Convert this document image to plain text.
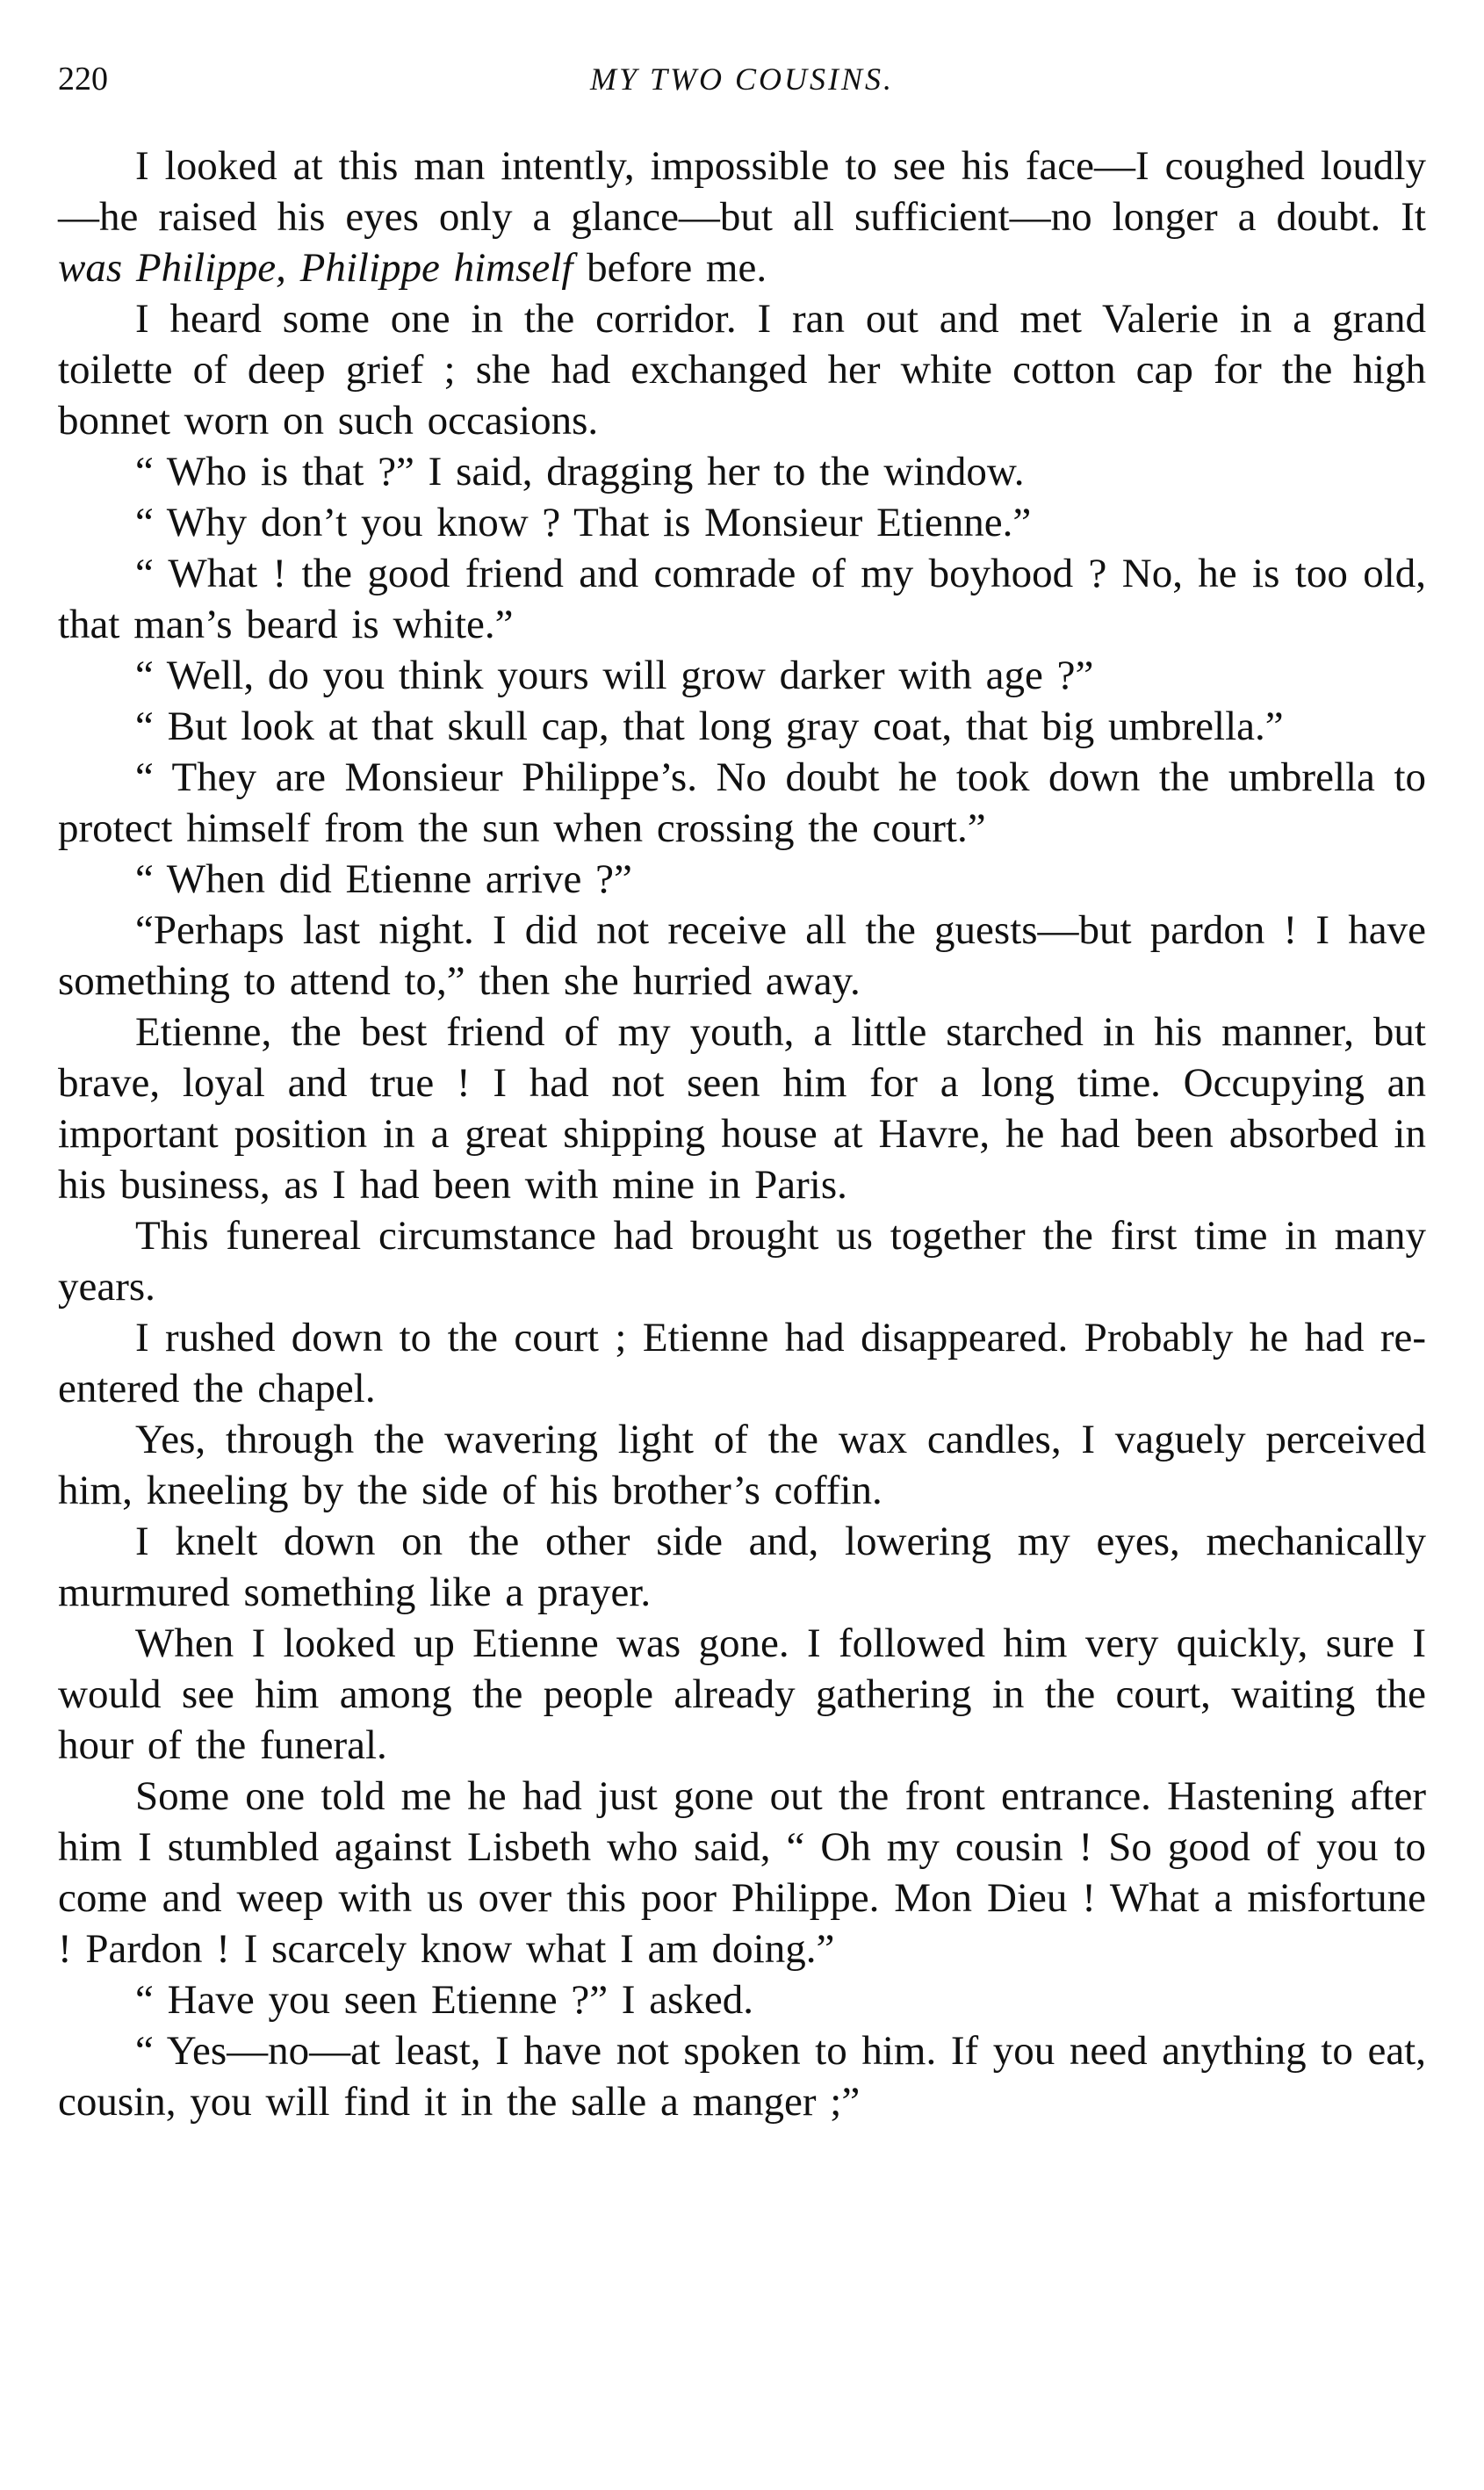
220	MY TWO COUSINS.

I looked at this man intently, impossible to see his face—I coughed loudly—he raised his eyes only a glance—but all sufficient—no longer a doubt. It was Philippe, Philippe himself before me.

I heard some one in the corridor. I ran out and met Valerie in a grand toilette of deep grief ; she had exchanged her white cotton cap for the high bonnet worn on such occasions.

“ Who is that ?” I said, dragging her to the window.

“ Why don’t you know ? That is Monsieur Etienne.”

“ What ! the good friend and comrade of my boyhood ? No, he is too old, that man’s beard is white.”

“ Well, do you think yours will grow darker with age ?”

“ But look at that skull cap, that long gray coat, that big umbrella.”

“ They are Monsieur Philippe’s. No doubt he took down the umbrella to protect himself from the sun when crossing the court.”

“ When did Etienne arrive ?”

“Perhaps last night. I did not receive all the guests—but pardon ! I have something to attend to,” then she hurried away.

Etienne, the best friend of my youth, a little starched in his manner, but brave, loyal and true ! I had not seen him for a long time. Occupying an important position in a great shipping house at Havre, he had been absorbed in his business, as I had been with mine in Paris.

This funereal circumstance had brought us together the first time in many years.

I rushed down to the court ; Etienne had disappeared. Probably he had re-entered the chapel.

Yes, through the wavering light of the wax candles, I vaguely perceived him, kneeling by the side of his brother’s coffin.

I knelt down on the other side and, lowering my eyes, mechanically murmured something like a prayer.

When I looked up Etienne was gone. I followed him very quickly, sure I would see him among the people already gathering in the court, waiting the hour of the funeral.

Some one told me he had just gone out the front entrance. Hastening after him I stumbled against Lisbeth who said, “ Oh my cousin ! So good of you to come and weep with us over this poor Philippe. Mon Dieu ! What a misfortune ! Pardon ! I scarcely know what I am doing.”

“ Have you seen Etienne ?” I asked.

“ Yes—no—at least, I have not spoken to him. If you need anything to eat, cousin, you will find it in the salle a manger ;”
